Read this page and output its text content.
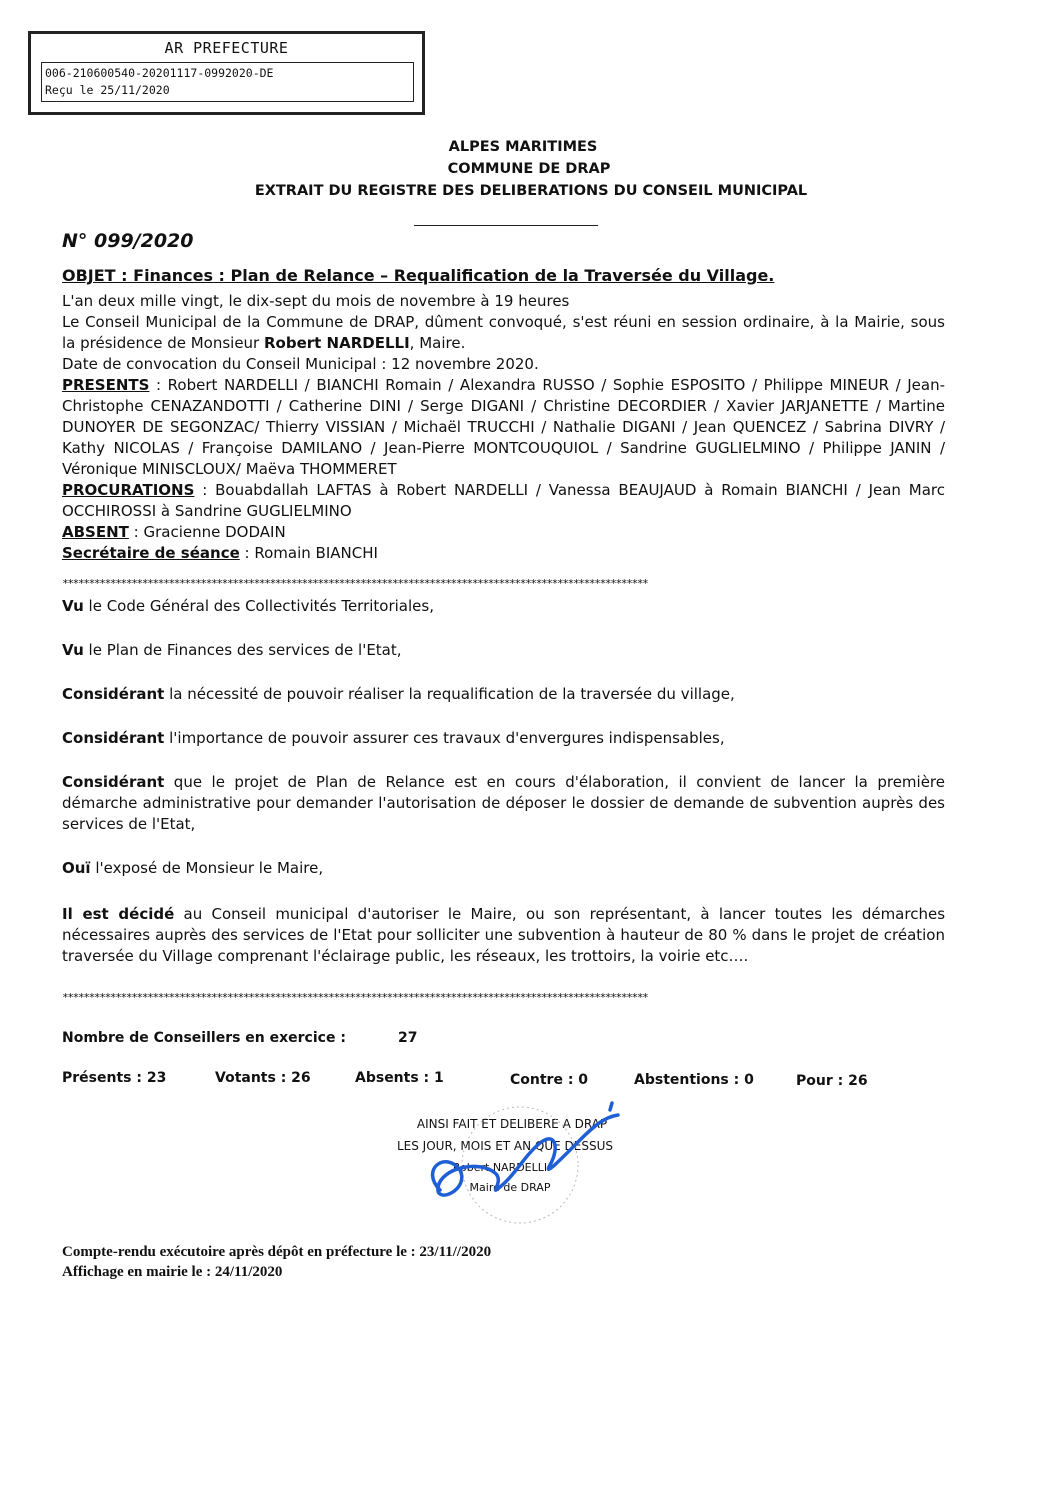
AR PREFECTURE
006-210600540-20201117-0992020-DE
Reçu le 25/11/2020
ALPES MARITIMES
COMMUNE DE DRAP
EXTRAIT DU REGISTRE DES DELIBERATIONS DU CONSEIL MUNICIPAL
N° 099/2020
OBJET : Finances : Plan de Relance – Requalification de la Traversée du Village.
L'an deux mille vingt, le dix-sept du mois de novembre à 19 heures
Le Conseil Municipal de la Commune de DRAP, dûment convoqué, s'est réuni en session ordinaire, à la Mairie, sous la présidence de Monsieur Robert NARDELLI, Maire.
Date de convocation du Conseil Municipal : 12 novembre 2020.
PRESENTS : Robert NARDELLI / BIANCHI Romain / Alexandra RUSSO / Sophie ESPOSITO / Philippe MINEUR / Jean-Christophe CENAZANDOTTI / Catherine DINI / Serge DIGANI / Christine DECORDIER / Xavier JARJANETTE / Martine DUNOYER DE SEGONZAC/ Thierry VISSIAN / Michaël TRUCCHI / Nathalie DIGANI / Jean QUENCEZ / Sabrina DIVRY / Kathy NICOLAS / Françoise DAMILANO / Jean-Pierre MONTCOUQUIOL / Sandrine GUGLIELMINO / Philippe JANIN / Véronique MINISCLOUX/ Maëva THOMMERET
PROCURATIONS : Bouabdallah LAFTAS à Robert NARDELLI / Vanessa BEAUJAUD à Romain BIANCHI / Jean Marc OCCHIROSSI à Sandrine GUGLIELMINO
ABSENT : Gracienne DODAIN
Secrétaire de séance : Romain BIANCHI
**************************************************************************************************************
Vu le Code Général des Collectivités Territoriales,
Vu le Plan de Finances des services de l'Etat,
Considérant la nécessité de pouvoir réaliser la requalification de la traversée du village,
Considérant l'importance de pouvoir assurer ces travaux d'envergures indispensables,
Considérant que le projet de Plan de Relance est en cours d'élaboration, il convient de lancer la première démarche administrative pour demander l'autorisation de déposer le dossier de demande de subvention auprès des services de l'Etat,
Ouï l'exposé de Monsieur le Maire,
Il est décidé au Conseil municipal d'autoriser le Maire, ou son représentant, à lancer toutes les démarches nécessaires auprès des services de l'Etat pour solliciter une subvention à hauteur de 80 % dans le projet de création traversée du Village comprenant l'éclairage public, les réseaux, les trottoirs, la voirie etc….
**************************************************************************************************************
Nombre de Conseillers en exercice :	27
Présents : 23	Votants : 26	Absents : 1	Contre : 0	Abstentions : 0	Pour : 26
AINSI FAIT ET DELIBERE A DRAP
LES JOUR, MOIS ET AN QUE DESSUS
Robert NARDELLI
Maire de DRAP
Compte-rendu exécutoire après dépôt en préfecture le : 23/11//2020
Affichage en mairie le : 24/11/2020
